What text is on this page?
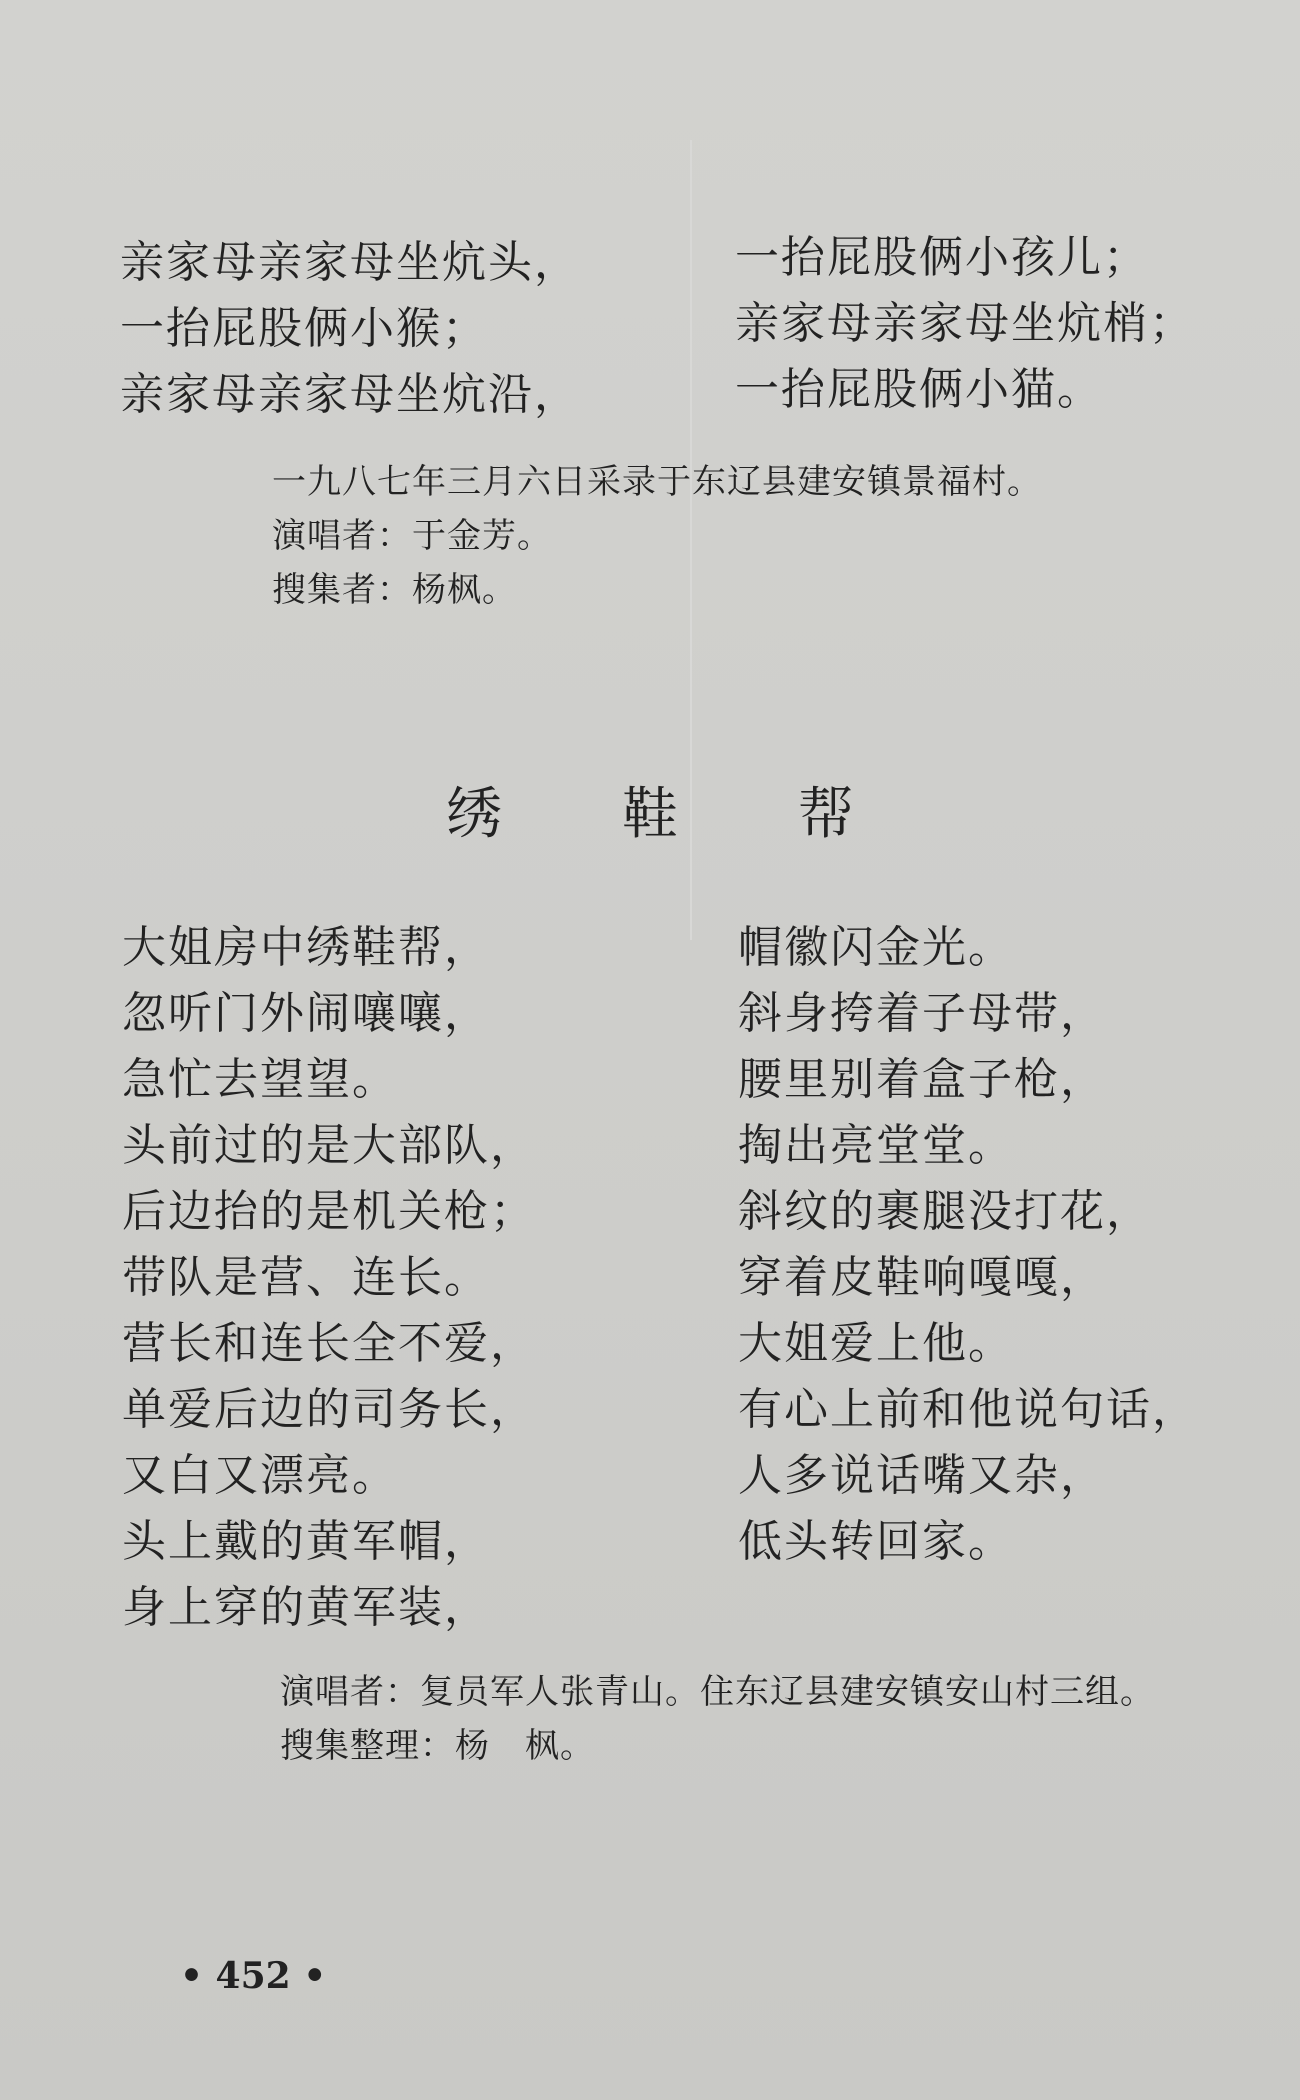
亲家母亲家母坐炕头，
一抬屁股俩小猴；
亲家母亲家母坐炕沿，
一抬屁股俩小孩儿；
亲家母亲家母坐炕梢；
一抬屁股俩小猫。
一九八七年三月六日采录于东辽县建安镇景福村。
演唱者：于金芳。
搜集者：杨枫。
绣鞋帮
大姐房中绣鞋帮，
忽听门外闹嚷嚷，
急忙去望望。
头前过的是大部队，
后边抬的是机关枪；
带队是营、连长。
营长和连长全不爱，
单爱后边的司务长，
又白又漂亮。
头上戴的黄军帽，
身上穿的黄军装，
帽徽闪金光。
斜身挎着子母带，
腰里别着盒子枪，
掏出亮堂堂。
斜纹的裹腿没打花，
穿着皮鞋响嘎嘎，
大姐爱上他。
有心上前和他说句话，
人多说话嘴又杂，
低头转回家。
演唱者：复员军人张青山。住东辽县建安镇安山村三组。
搜集整理：杨　枫。
• 452 •
